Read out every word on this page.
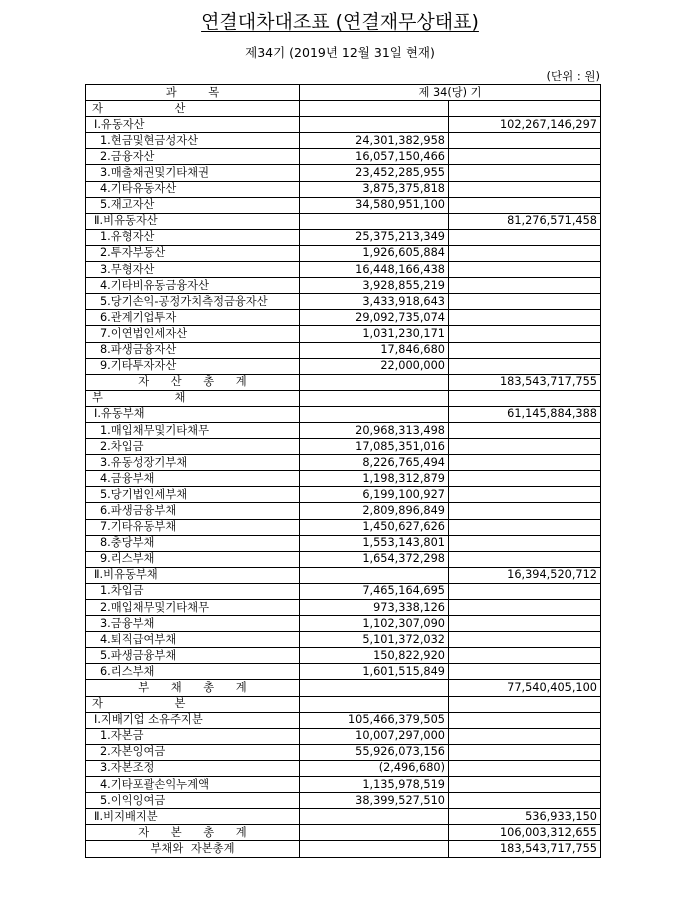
연결대차대조표 (연결재무상태표)
제34기 (2019년 12월 31일 현재)
(단위 : 원)
과 목	제 34(당) 기	
자 산		
Ⅰ.유동자산		102,267,146,297
1.현금및현금성자산	24,301,382,958	
2.금융자산	16,057,150,466	
3.매출채권및기타채권	23,452,285,955	
4.기타유동자산	3,875,375,818	
5.재고자산	34,580,951,100	
Ⅱ.비유동자산		81,276,571,458
1.유형자산	25,375,213,349	
2.투자부동산	1,926,605,884	
3.무형자산	16,448,166,438	
4.기타비유동금융자산	3,928,855,219	
5.당기손익-공정가치측정금융자산	3,433,918,643	
6.관계기업투자	29,092,735,074	
7.이연법인세자산	1,031,230,171	
8.파생금융자산	17,846,680	
9.기타투자자산	22,000,000	
자 산 총 계		183,543,717,755
부 채		
Ⅰ.유동부채		61,145,884,388
1.매입채무및기타채무	20,968,313,498	
2.차입금	17,085,351,016	
3.유동성장기부채	8,226,765,494	
4.금융부채	1,198,312,879	
5.당기법인세부채	6,199,100,927	
6.파생금융부채	2,809,896,849	
7.기타유동부채	1,450,627,626	
8.충당부채	1,553,143,801	
9.리스부채	1,654,372,298	
Ⅱ.비유동부채		16,394,520,712
1.차입금	7,465,164,695	
2.매입채무및기타채무	973,338,126	
3.금융부채	1,102,307,090	
4.퇴직급여부채	5,101,372,032	
5.파생금융부채	150,822,920	
6.리스부채	1,601,515,849	
부 채 총 계		77,540,405,100
자 본		
Ⅰ.지배기업 소유주지분	105,466,379,505	
1.자본금	10,007,297,000	
2.자본잉여금	55,926,073,156	
3.자본조정	(2,496,680)	
4.기타포괄손익누계액	1,135,978,519	
5.이익잉여금	38,399,527,510	
Ⅱ.비지배지분		536,933,150
자 본 총 계		106,003,312,655
부채와 자본총계		183,543,717,755
